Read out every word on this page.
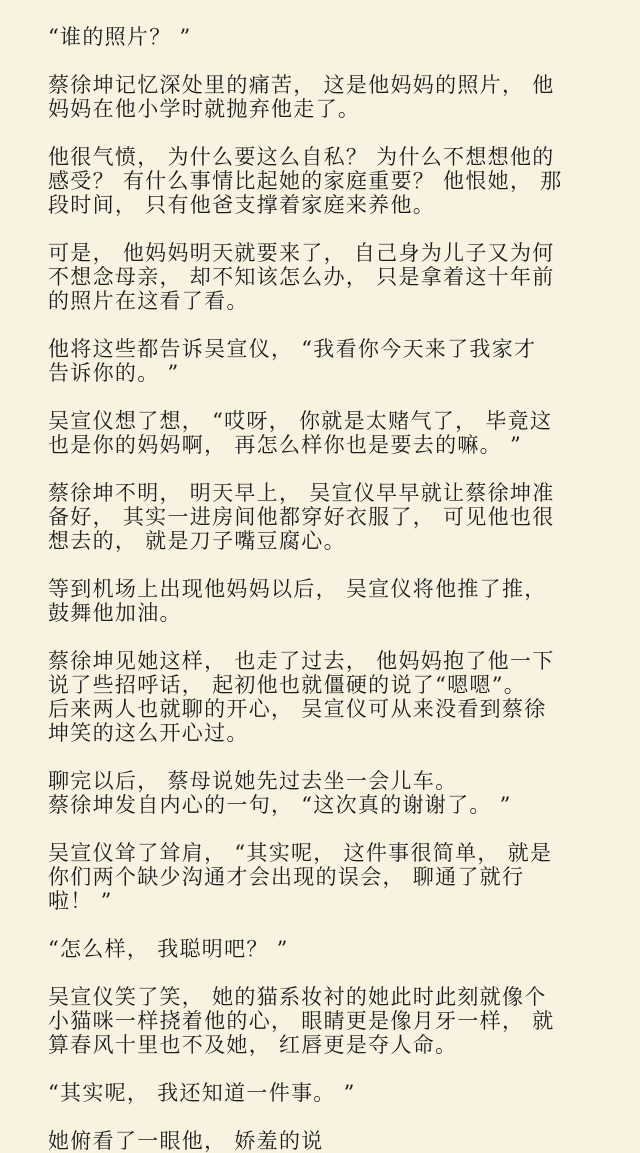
“谁的照片？ ”
蔡徐坤记忆深处里的痛苦， 这是他妈妈的照片， 他
妈妈在他小学时就抛弃他走了。
他很气愤， 为什么要这么自私？ 为什么不想想他的
感受？ 有什么事情比起她的家庭重要？ 他恨她， 那
段时间， 只有他爸支撑着家庭来养他。
可是， 他妈妈明天就要来了， 自己身为儿子又为何
不想念母亲， 却不知该怎么办， 只是拿着这十年前
的照片在这看了看。
他将这些都告诉吴宣仪， “我看你今天来了我家才
告诉你的。 ”
吴宣仪想了想， “哎呀， 你就是太赌气了， 毕竟这
也是你的妈妈啊， 再怎么样你也是要去的嘛。 ”
蔡徐坤不明， 明天早上， 吴宣仪早早就让蔡徐坤准
备好， 其实一进房间他都穿好衣服了， 可见他也很
想去的， 就是刀子嘴豆腐心。
等到机场上出现他妈妈以后， 吴宣仪将他推了推，
鼓舞他加油。
蔡徐坤见她这样， 也走了过去， 他妈妈抱了他一下
说了些招呼话， 起初他也就僵硬的说了“嗯嗯”。
后来两人也就聊的开心， 吴宣仪可从来没看到蔡徐
坤笑的这么开心过。
聊完以后， 蔡母说她先过去坐一会儿车。
蔡徐坤发自内心的一句， “这次真的谢谢了。 ”
吴宣仪耸了耸肩， “其实呢， 这件事很简单， 就是
你们两个缺少沟通才会出现的误会， 聊通了就行
啦！ ”
“怎么样， 我聪明吧？ ”
吴宣仪笑了笑， 她的猫系妆衬的她此时此刻就像个
小猫咪一样挠着他的心， 眼睛更是像月牙一样， 就
算春风十里也不及她， 红唇更是夺人命。
“其实呢， 我还知道一件事。 ”
她俯看了一眼他， 娇羞的说
